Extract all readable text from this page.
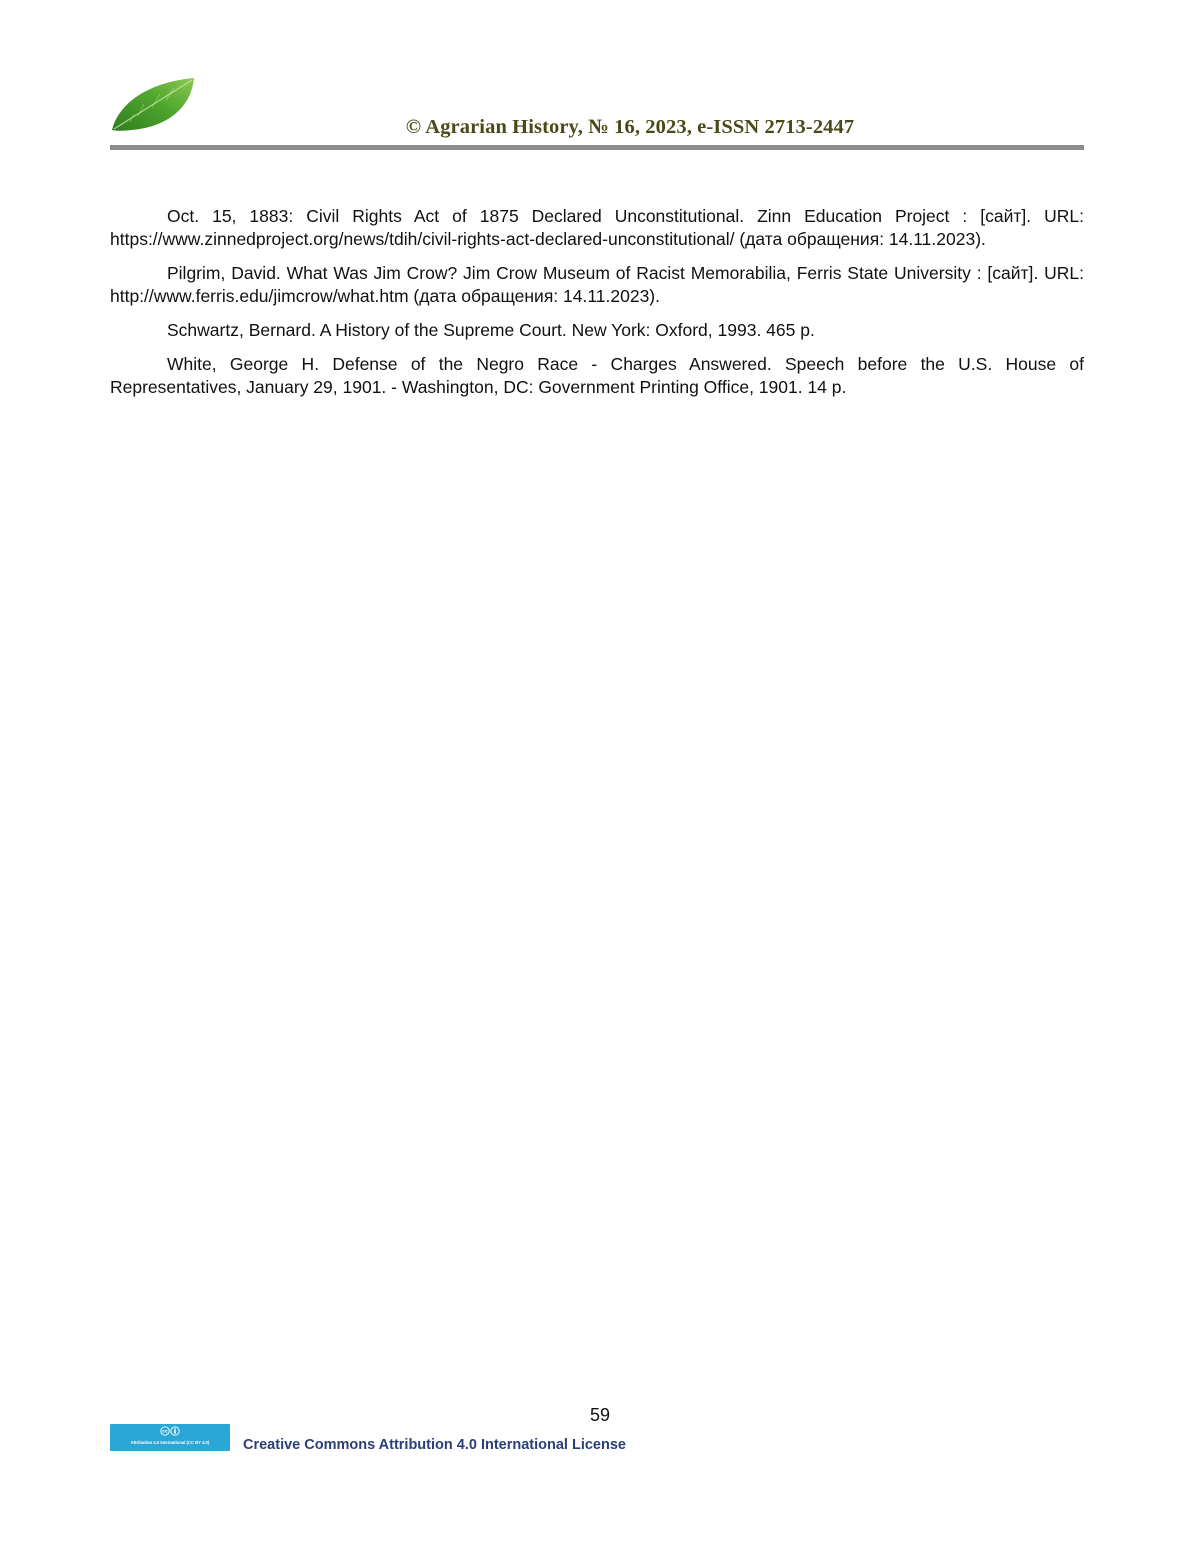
© Agrarian History, № 16, 2023, e-ISSN 2713-2447

Oct. 15, 1883: Civil Rights Act of 1875 Declared Unconstitutional. Zinn Education Project : [сайт]. URL: https://www.zinnedproject.org/news/tdih/civil-rights-act-declared-unconstitutional/ (дата обращения: 14.11.2023).

Pilgrim, David. What Was Jim Crow? Jim Crow Museum of Racist Memorabilia, Ferris State University : [сайт]. URL: http://www.ferris.edu/jimcrow/what.htm (дата обращения: 14.11.2023).

Schwartz, Bernard. A History of the Supreme Court. New York: Oxford, 1993. 465 p.

White, George H. Defense of the Negro Race - Charges Answered. Speech before the U.S. House of Representatives, January 29, 1901. - Washington, DC: Government Printing Office, 1901. 14 p.

59
cc
Attribution 4.0 International (CC BY 4.0)	Creative Commons Attribution 4.0 International License
